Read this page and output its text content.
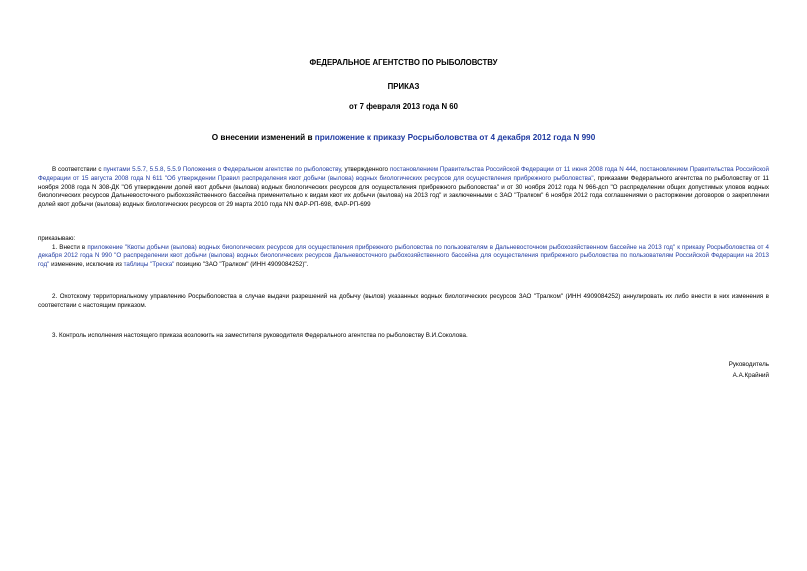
ФЕДЕРАЛЬНОЕ АГЕНТСТВО ПО РЫБОЛОВСТВУ
ПРИКАЗ
от 7 февраля 2013 года N 60
О внесении изменений в приложение к приказу Росрыболовства от 4 декабря 2012 года N 990

В соответствии с пунктами 5.5.7, 5.5.8, 5.5.9 Положения о Федеральном агентстве по рыболовству, утвержденного постановлением Правительства Российской Федерации от 11 июня 2008 года N 444, постановлением Правительства Российской Федерации от 15 августа 2008 года N 611 "Об утверждении Правил распределения квот добычи (вылова) водных биологических ресурсов для осуществления прибрежного рыболовства", приказами Федерального агентства по рыболовству от 11 ноября 2008 года N 308-ДК "Об утверждении долей квот добычи (вылова) водных биологических ресурсов для осуществления прибрежного рыболовства" и от 30 ноября 2012 года N 966-дсп "О распределении общих допустимых уловов водных биологических ресурсов Дальневосточного рыбохозяйственного бассейна применительно к видам квот их добычи (вылова) на 2013 год" и заключенными с ЗАО "Тралком" 6 ноября 2012 года соглашениями о расторжении договоров о закреплении долей квот добычи (вылова) водных биологических ресурсов от 29 марта 2010 года NN ФАР-РП-698, ФАР-РП-699

приказываю:
1. Внести в приложение "Квоты добычи (вылова) водных биологических ресурсов для осуществления прибрежного рыболовства по пользователям в Дальневосточном рыбохозяйственном бассейне на 2013 год" к приказу Росрыболовства от 4 декабря 2012 года N 990 "О распределении квот добычи (вылова) водных биологических ресурсов Дальневосточного рыбохозяйственного бассейна для осуществления прибрежного рыболовства по пользователям Российской Федерации на 2013 год" изменение, исключив из таблицы "Треска" позицию "ЗАО "Тралком" (ИНН 4909084252)".

2. Охотскому территориальному управлению Росрыболовства в случае выдачи разрешений на добычу (вылов) указанных водных биологических ресурсов ЗАО "Тралком" (ИНН 4909084252) аннулировать их либо внести в них изменения в соответствии с настоящим приказом.

3. Контроль исполнения настоящего приказа возложить на заместителя руководителя Федерального агентства по рыболовству В.И.Соколова.

Руководитель
А.А.Крайний
